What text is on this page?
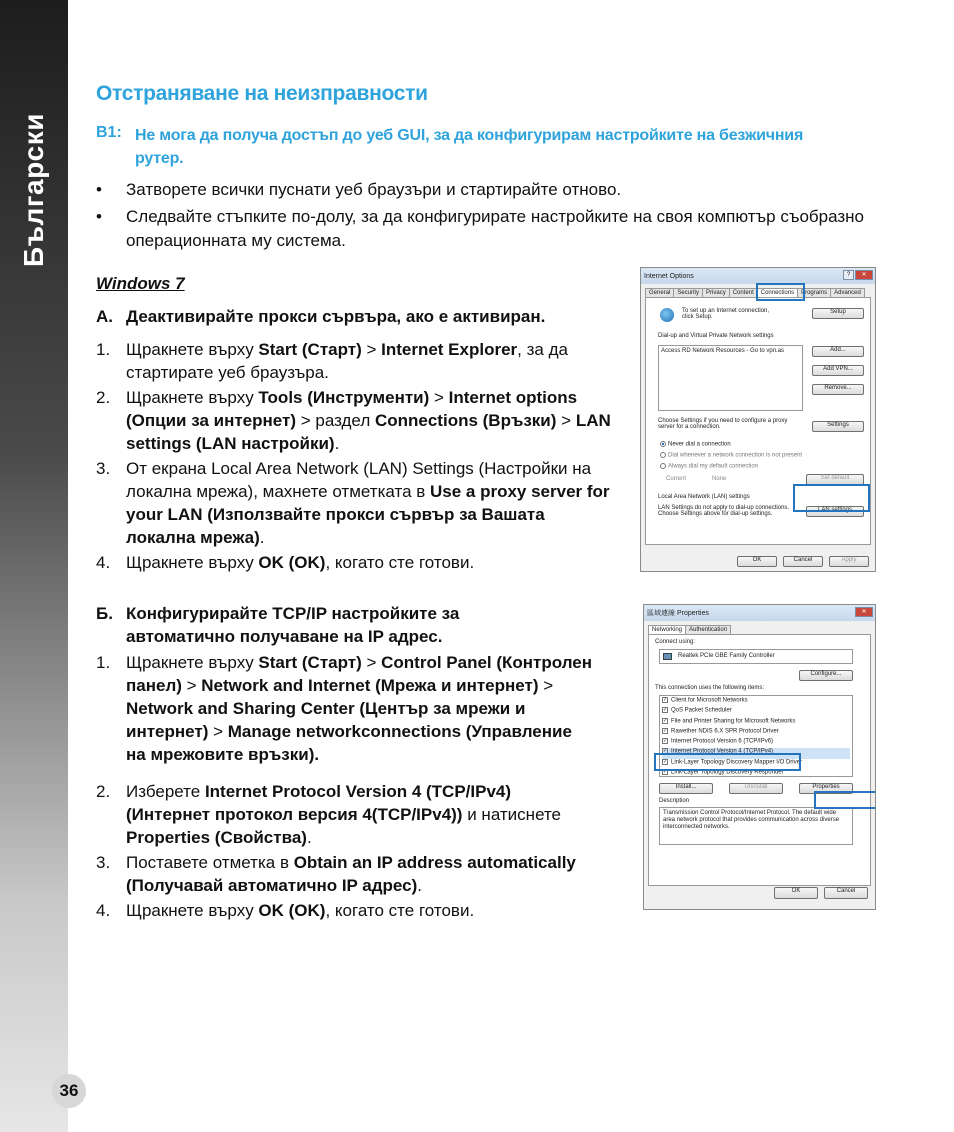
Български
36
Отстраняване на неизправности
В1: Не мога да получа достъп до уеб GUI, за да конфигурирам настройките на безжичния рутер.
• Затворете всички пуснати уеб браузъри и стартирайте отново.
• Следвайте стъпките по-долу, за да конфигурирате настройките на своя компютър съобразно операционната му система.
Windows 7
A. Деактивирайте прокси сървъра, ако е активиран.
1. Щракнете върху Start (Старт) > Internet Explorer, за да стартирате уеб браузъра.
2. Щракнете върху Tools (Инструменти) > Internet options (Опции за интернет) > раздел Connections (Връзки) > LAN settings (LAN настройки).
3. От екрана Local Area Network (LAN) Settings (Настройки на локална мрежа), махнете отметката в Use a proxy server for your LAN (Използвайте прокси сървър за Вашата локална мрежа).
4. Щракнете върху OK (OK), когато сте готови.
Б. Конфигурирайте TCP/IP настройките за автоматично получаване на IP адрес.
1. Щракнете върху Start (Старт) > Control Panel (Контролен панел) > Network and Internet (Мрежа и интернет) > Network and Sharing Center (Център за мрежи и интернет) > Manage networkconnections (Управление на мрежовите връзки).
2. Изберете Internet Protocol Version 4 (TCP/IPv4) (Интернет протокол версия 4(TCP/IPv4)) и натиснете Properties (Свойства).
3. Поставете отметка в Obtain an IP address automatically (Получавай автоматично IP адрес).
4. Щракнете върху OK (OK), когато сте готови.
Internet Options	?	✕
General	Security	Privacy	Content	Connections	Programs	Advanced
To set up an Internet connection, click Setup.
Setup
Dial-up and Virtual Private Network settings
Access RD Network Resources - Go to vpn.as	Add...
Add VPN...
Remove...
Choose Settings if you need to configure a proxy server for a connection.	Settings
Never dial a connection
Dial whenever a network connection is not present
Always dial my default connection
Current	None	Set default
Local Area Network (LAN) settings
LAN Settings do not apply to dial-up connections. Choose Settings above for dial-up settings.
LAN settings
OK	Cancel	Apply
區域連線 Properties	✕
Networking	Authentication
Connect using:
Realtek PCIe GBE Family Controller
Configure...
This connection uses the following items:
✓ Client for Microsoft Networks
✓ QoS Packet Scheduler
✓ File and Printer Sharing for Microsoft Networks
✓ Rawether NDIS 6.X SPR Protocol Driver
✓ Internet Protocol Version 6 (TCP/IPv6)
✓ Internet Protocol Version 4 (TCP/IPv4)
✓ Link-Layer Topology Discovery Mapper I/O Driver
✓ Link-Layer Topology Discovery Responder
Install...	Uninstall	Properties
Description
Transmission Control Protocol/Internet Protocol. The default wide area network protocol that provides communication across diverse interconnected networks.
OK	Cancel
